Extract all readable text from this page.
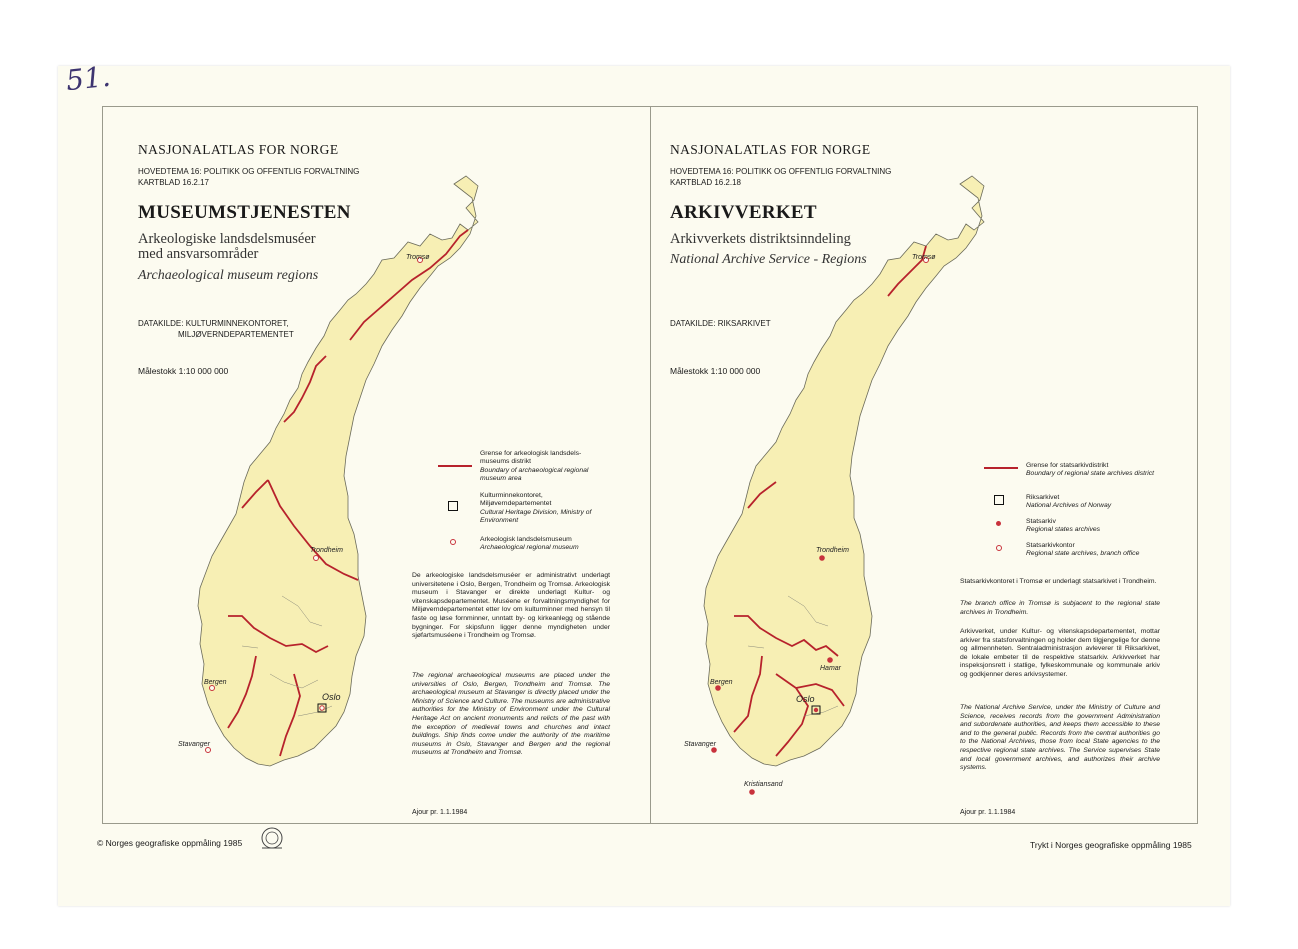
51.
NASJONALATLAS FOR NORGE
HOVEDTEMA 16: POLITIKK OG OFFENTLIG FORVALTNING
KARTBLAD 16.2.17
MUSEUMSTJENESTEN
Arkeologiske landsdelsmuséer
med ansvarsområder
Archaeological museum regions
DATAKILDE: KULTURMINNEKONTORET,
MILJØVERNDEPARTEMENTET
Målestokk 1:10 000 000
Tromsø
Trondheim
Bergen
Oslo
Stavanger
Grense for arkeologisk landsdels-museums distrikt
Boundary of archaeological regional museum area
Kulturminnekontoret, Miljøverndepartementet
Cultural Heritage Division, Ministry of Environment
Arkeologisk landsdelsmuseum
Archaeological regional museum
De arkeologiske landsdelsmuséer er administrativt underlagt universitetene i Oslo, Bergen, Trondheim og Tromsø. Arkeologisk museum i Stavanger er direkte underlagt Kultur- og vitenskapsdepartementet. Muséene er forvaltningsmyndighet for Miljøverndepartementet etter lov om kulturminner med hensyn til faste og løse fornminner, unntatt by- og kirkeanlegg og stående bygninger. For skipsfunn ligger denne myndigheten under sjøfartsmuséene i Trondheim og Tromsø.
The regional archaeological museums are placed under the universities of Oslo, Bergen, Trondheim and Tromsø. The archaeological museum at Stavanger is directly placed under the Ministry of Science and Culture. The museums are administrative authorities for the Ministry of Environment under the Cultural Heritage Act on ancient monuments and relicts of the past with the exception of medieval towns and churches and intact buildings. Ship finds come under the authority of the maritime museums in Oslo, Stavanger and Bergen and the regional museums at Trondheim and Tromsø.
Ajour pr. 1.1.1984
NASJONALATLAS FOR NORGE
HOVEDTEMA 16: POLITIKK OG OFFENTLIG FORVALTNING
KARTBLAD 16.2.18
ARKIVVERKET
Arkivverkets distriktsinndeling
National Archive Service - Regions
DATAKILDE: RIKSARKIVET
Målestokk 1:10 000 000
Tromsø
Trondheim
Hamar
Bergen
Oslo
Stavanger
Kristiansand
Grense for statsarkivdistrikt
Boundary of regional state archives district
Riksarkivet
National Archives of Norway
Statsarkiv
Regional states archives
Statsarkivkontor
Regional state archives, branch office
Statsarkivkontoret i Tromsø er underlagt statsarkivet i Trondheim.
The branch office in Tromsø is subjacent to the regional state archives in Trondheim.
Arkivverket, under Kultur- og vitenskapsdepartementet, mottar arkiver fra statsforvaltningen og holder dem tilgjengelige for denne og allmennheten. Sentraladministrasjon avleverer til Riksarkivet, de lokale embeter til de respektive statsarkiv. Arkivverket har inspeksjonsrett i statlige, fylkeskommunale og kommunale arkiv og godkjenner deres arkivsystemer.
The National Archive Service, under the Ministry of Culture and Science, receives records from the government Administration and subordenate authorities, and keeps them accessible to these and to the general public. Records from the central authorities go to the National Archives, those from local State agencies to the respective regional state archives. The Service supervises State and local government archives, and authorizes their archive systems.
Ajour pr. 1.1.1984
© Norges geografiske oppmåling 1985	Trykt i Norges geografiske oppmåling 1985
